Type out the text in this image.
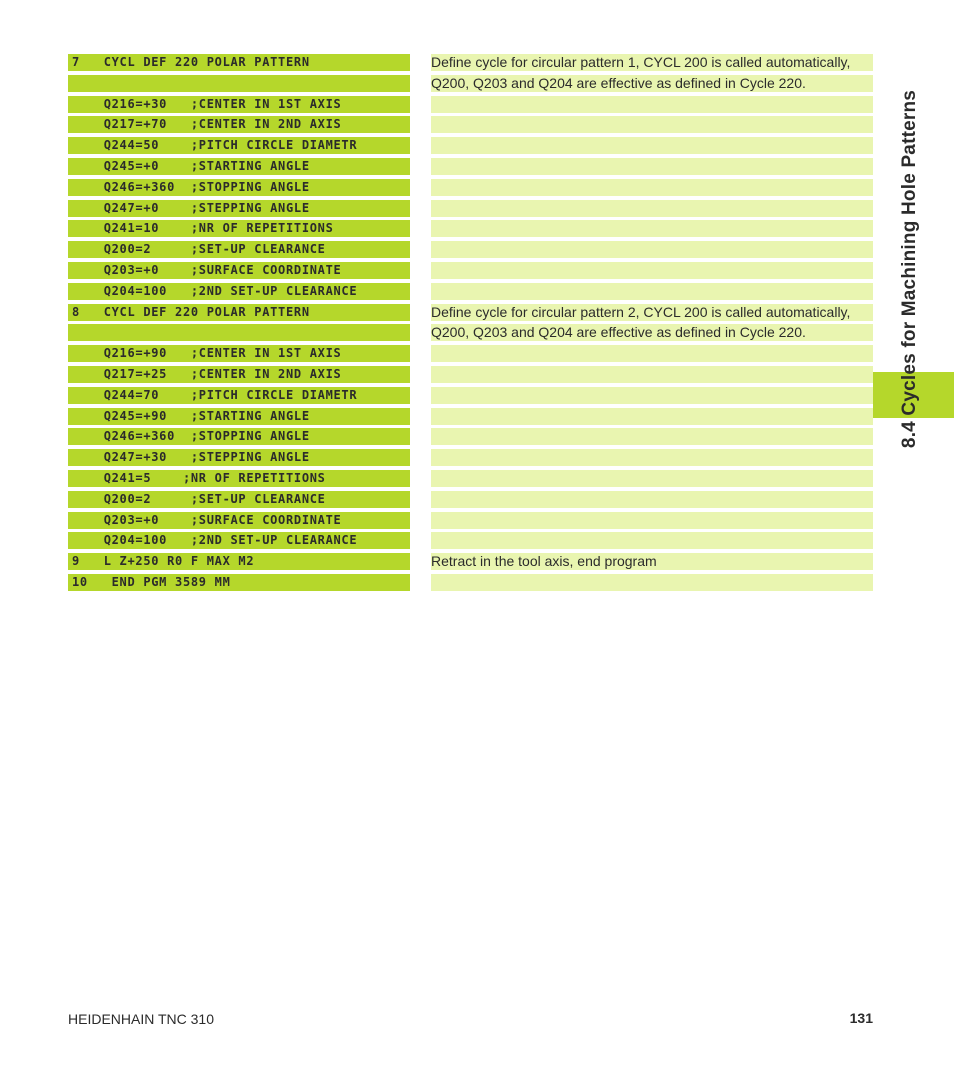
7   CYCL DEF 220 POLAR PATTERN	Define cycle for circular pattern 1, CYCL 200 is called automatically,
Q200, Q203 and Q204 are effective as defined in Cycle 220.
Q216=+30   ;CENTER IN 1ST AXIS
Q217=+70   ;CENTER IN 2ND AXIS
Q244=50    ;PITCH CIRCLE DIAMETR
Q245=+0    ;STARTING ANGLE
Q246=+360  ;STOPPING ANGLE
Q247=+0    ;STEPPING ANGLE
Q241=10    ;NR OF REPETITIONS
Q200=2     ;SET-UP CLEARANCE
Q203=+0    ;SURFACE COORDINATE
Q204=100   ;2ND SET-UP CLEARANCE
8   CYCL DEF 220 POLAR PATTERN	Define cycle for circular pattern 2, CYCL 200 is called automatically,
Q200, Q203 and Q204 are effective as defined in Cycle 220.
Q216=+90   ;CENTER IN 1ST AXIS
Q217=+25   ;CENTER IN 2ND AXIS
Q244=70    ;PITCH CIRCLE DIAMETR
Q245=+90   ;STARTING ANGLE
Q246=+360  ;STOPPING ANGLE
Q247=+30   ;STEPPING ANGLE
Q241=5    ;NR OF REPETITIONS
Q200=2     ;SET-UP CLEARANCE
Q203=+0    ;SURFACE COORDINATE
Q204=100   ;2ND SET-UP CLEARANCE
9   L Z+250 R0 F MAX M2	Retract in the tool axis, end program
10   END PGM 3589 MM
8.4 Cycles for Machining Hole Patterns
HEIDENHAIN TNC 310	131
